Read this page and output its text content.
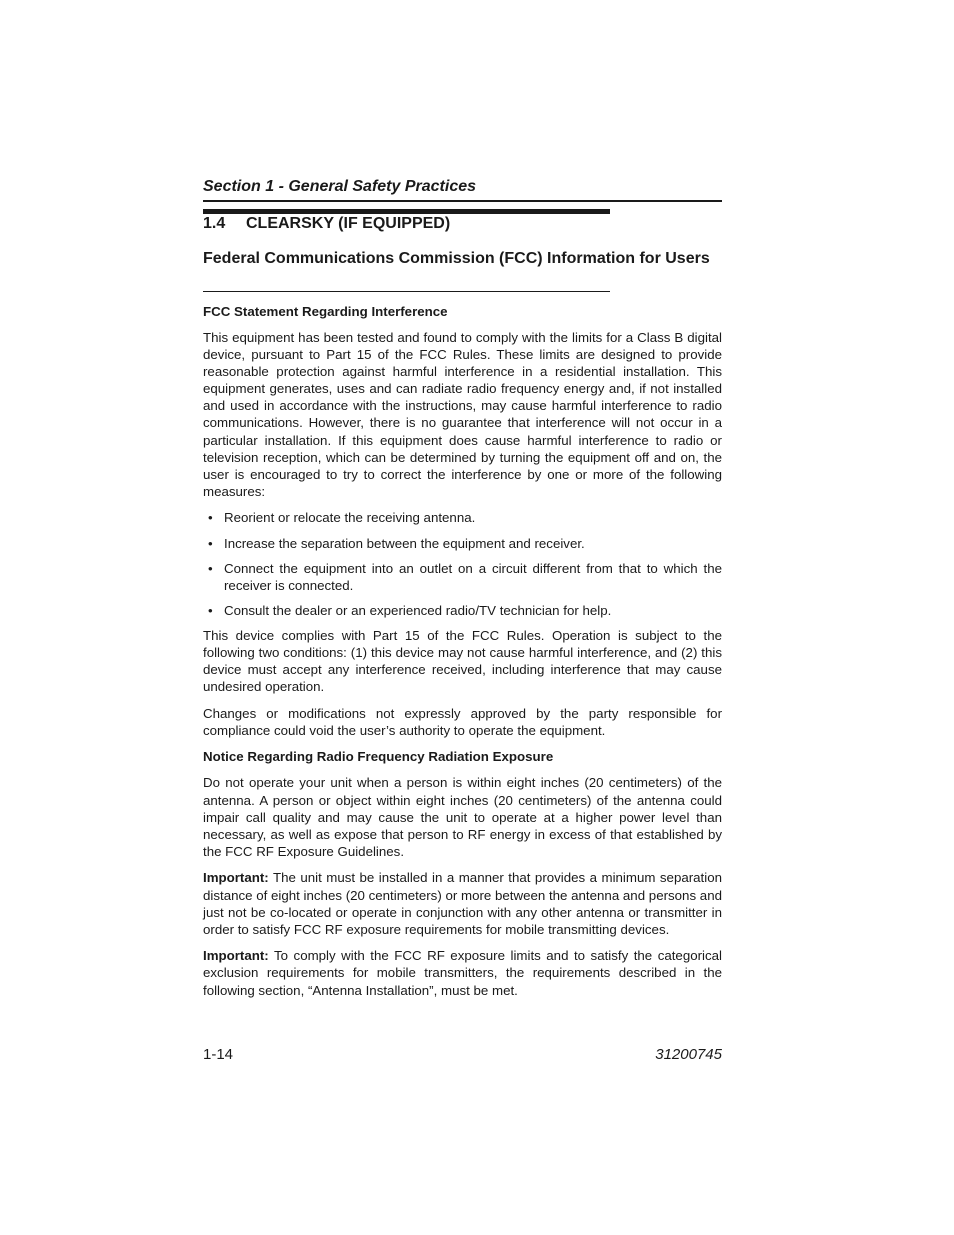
Section 1 - General Safety Practices
1.4 CLEARSKY (IF EQUIPPED)
Federal Communications Commission (FCC) Information for Users
FCC Statement Regarding Interference

This equipment has been tested and found to comply with the limits for a Class B digital device, pursuant to Part 15 of the FCC Rules. These limits are designed to provide reasonable protection against harmful interference in a residential installation. This equipment generates, uses and can radiate radio frequency energy and, if not installed and used in accordance with the instructions, may cause harmful interference to radio communications. However, there is no guarantee that interference will not occur in a particular installation. If this equipment does cause harmful interference to radio or television reception, which can be determined by turning the equipment off and on, the user is encouraged to try to correct the interference by one or more of the following measures:

• Reorient or relocate the receiving antenna.
• Increase the separation between the equipment and receiver.
• Connect the equipment into an outlet on a circuit different from that to which the receiver is connected.
• Consult the dealer or an experienced radio/TV technician for help.

This device complies with Part 15 of the FCC Rules. Operation is subject to the following two conditions: (1) this device may not cause harmful interference, and (2) this device must accept any interference received, including interference that may cause undesired operation.

Changes or modifications not expressly approved by the party responsible for compliance could void the user’s authority to operate the equipment.

Notice Regarding Radio Frequency Radiation Exposure

Do not operate your unit when a person is within eight inches (20 centimeters) of the antenna. A person or object within eight inches (20 centimeters) of the antenna could impair call quality and may cause the unit to operate at a higher power level than necessary, as well as expose that person to RF energy in excess of that established by the FCC RF Exposure Guidelines.

Important: The unit must be installed in a manner that provides a minimum separation distance of eight inches (20 centimeters) or more between the antenna and persons and just not be co-located or operate in conjunction with any other antenna or transmitter in order to satisfy FCC RF exposure requirements for mobile transmitting devices.

Important: To comply with the FCC RF exposure limits and to satisfy the categorical exclusion requirements for mobile transmitters, the requirements described in the following section, “Antenna Installation”, must be met.

1-14	31200745
